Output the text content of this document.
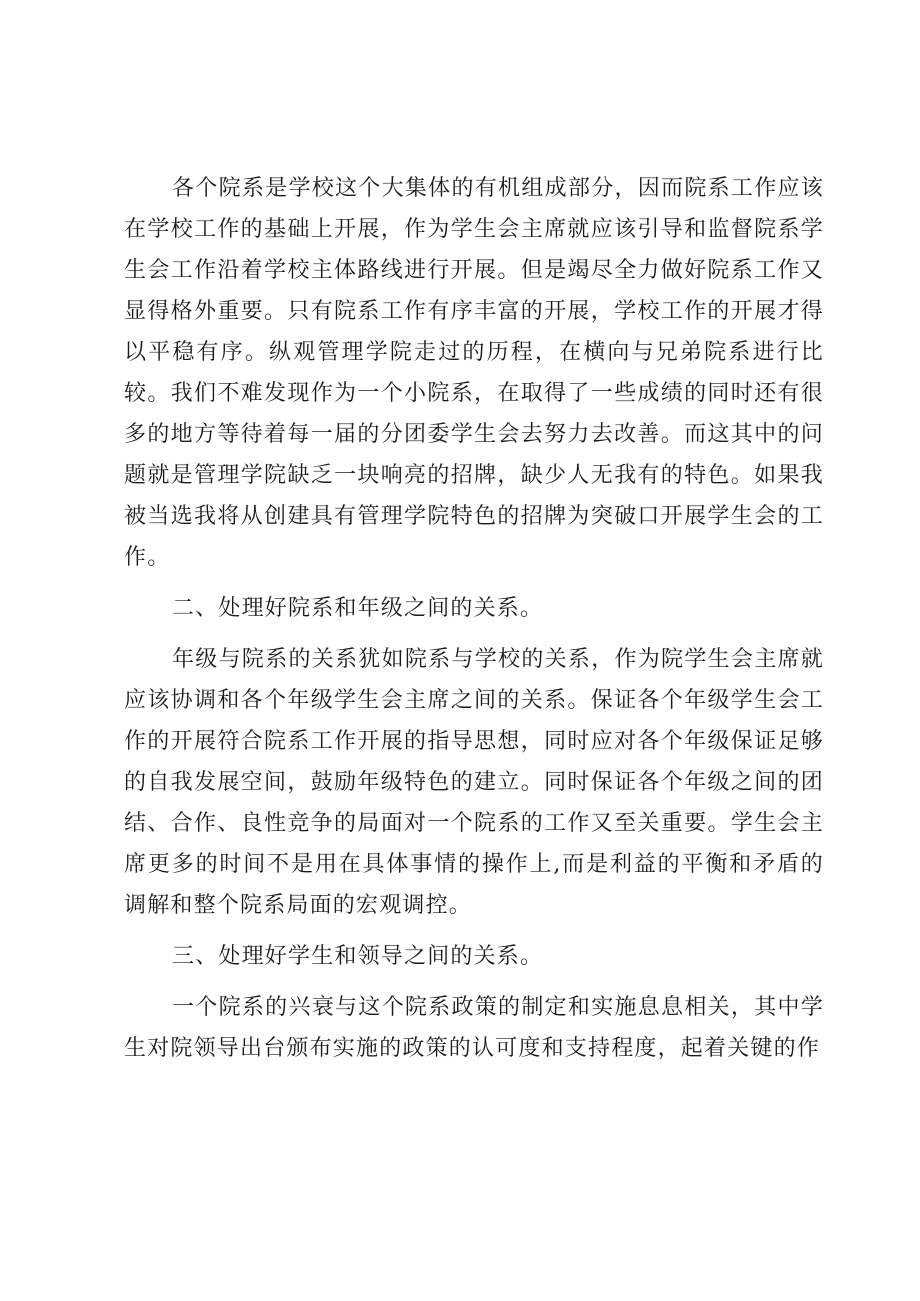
各个院系是学校这个大集体的有机组成部分，因而院系工作应该在学校工作的基础上开展，作为学生会主席就应该引导和监督院系学生会工作沿着学校主体路线进行开展。但是竭尽全力做好院系工作又显得格外重要。只有院系工作有序丰富的开展，学校工作的开展才得以平稳有序。纵观管理学院走过的历程，在横向与兄弟院系进行比较。我们不难发现作为一个小院系，在取得了一些成绩的同时还有很多的地方等待着每一届的分团委学生会去努力去改善。而这其中的问题就是管理学院缺乏一块响亮的招牌，缺少人无我有的特色。如果我被当选我将从创建具有管理学院特色的招牌为突破口开展学生会的工作。

二、处理好院系和年级之间的关系。

年级与院系的关系犹如院系与学校的关系，作为院学生会主席就应该协调和各个年级学生会主席之间的关系。保证各个年级学生会工作的开展符合院系工作开展的指导思想，同时应对各个年级保证足够的自我发展空间，鼓励年级特色的建立。同时保证各个年级之间的团结、合作、良性竞争的局面对一个院系的工作又至关重要。学生会主席更多的时间不是用在具体事情的操作上,而是利益的平衡和矛盾的调解和整个院系局面的宏观调控。

三、处理好学生和领导之间的关系。

一个院系的兴衰与这个院系政策的制定和实施息息相关，其中学生对院领导出台颁布实施的政策的认可度和支持程度，起着关键的作
